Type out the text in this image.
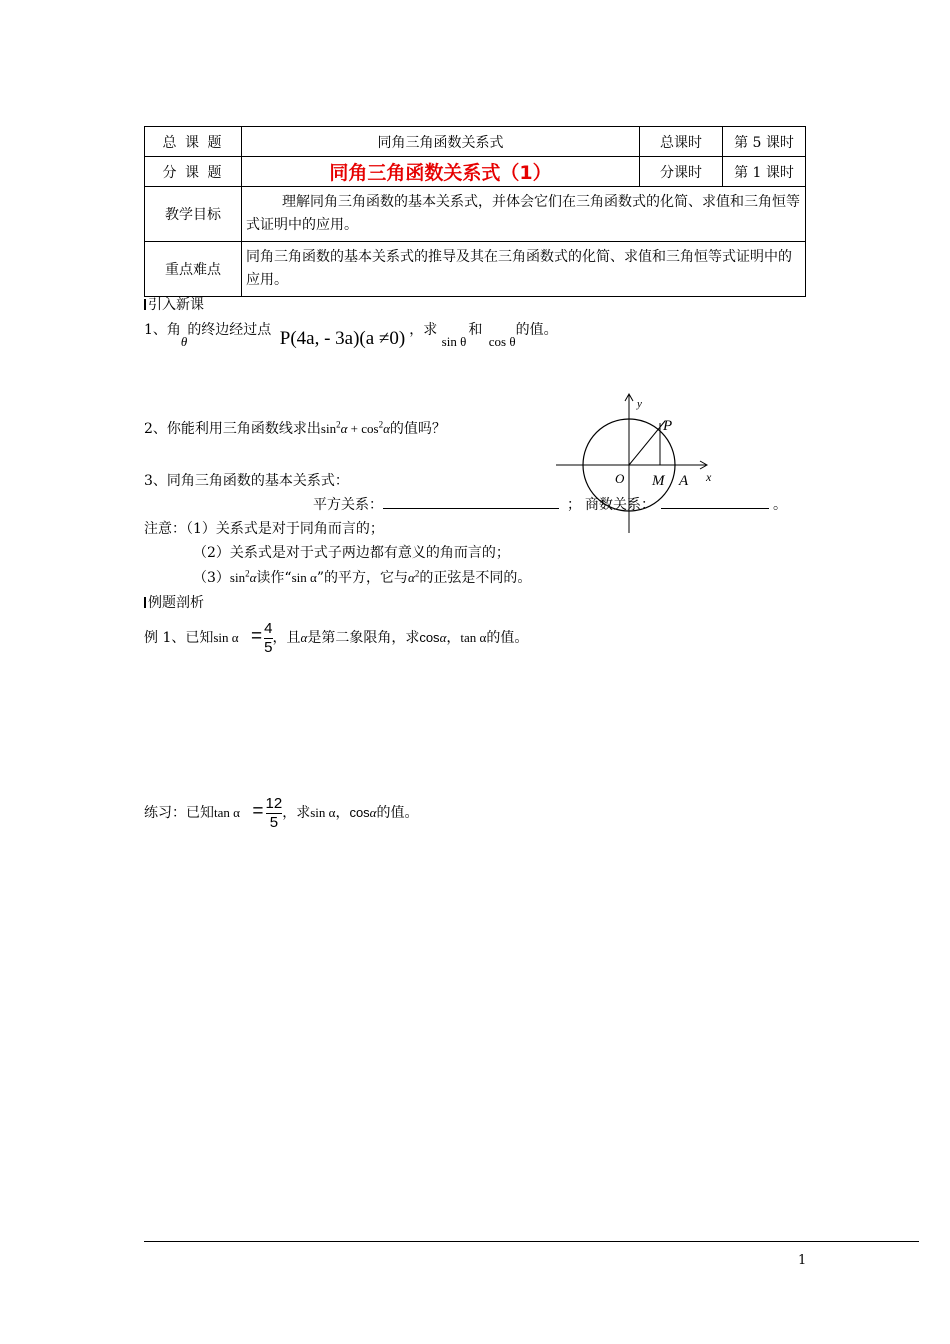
总 课 题	同角三角函数关系式	总课时	第 5 课时
分 课 题	同角三角函数关系式（1）	分课时	第 1 课时
教学目标	理解同角三角函数的基本关系式，并体会它们在三角函数式的化简、求值和三角恒等式证明中的应用。		
重点难点	同角三角函数的基本关系式的推导及其在三角函数式的化简、求值和三角恒等式证明中的应用。		
引入新课
1、角θ的终边经过点 P(4a, - 3a)(a ≠0) ，求 sin θ和 cos θ的值。
2、你能利用三角函数线求出$\sin^2\alpha + \cos^2\alpha$的值吗？
y
x
P
O M A
3、同角三角函数的基本关系式：
平方关系：	； 商数关系：	。
注意：（1）关系式是对于同角而言的；
（2）关系式是对于式子两边都有意义的角而言的；
$(3)\sin^2\alpha$读作“sin α”的平方，它与$\alpha^2$的正弦是不同的。
例题剖析
例 1、已知$\sin \alpha = \frac{4}{5}$ ，且α是第二象限角，求cosα，tan α的值。
练习：已知$\tan \alpha = \frac{12}{5}$ ，求sin α，cosα的值。
1
